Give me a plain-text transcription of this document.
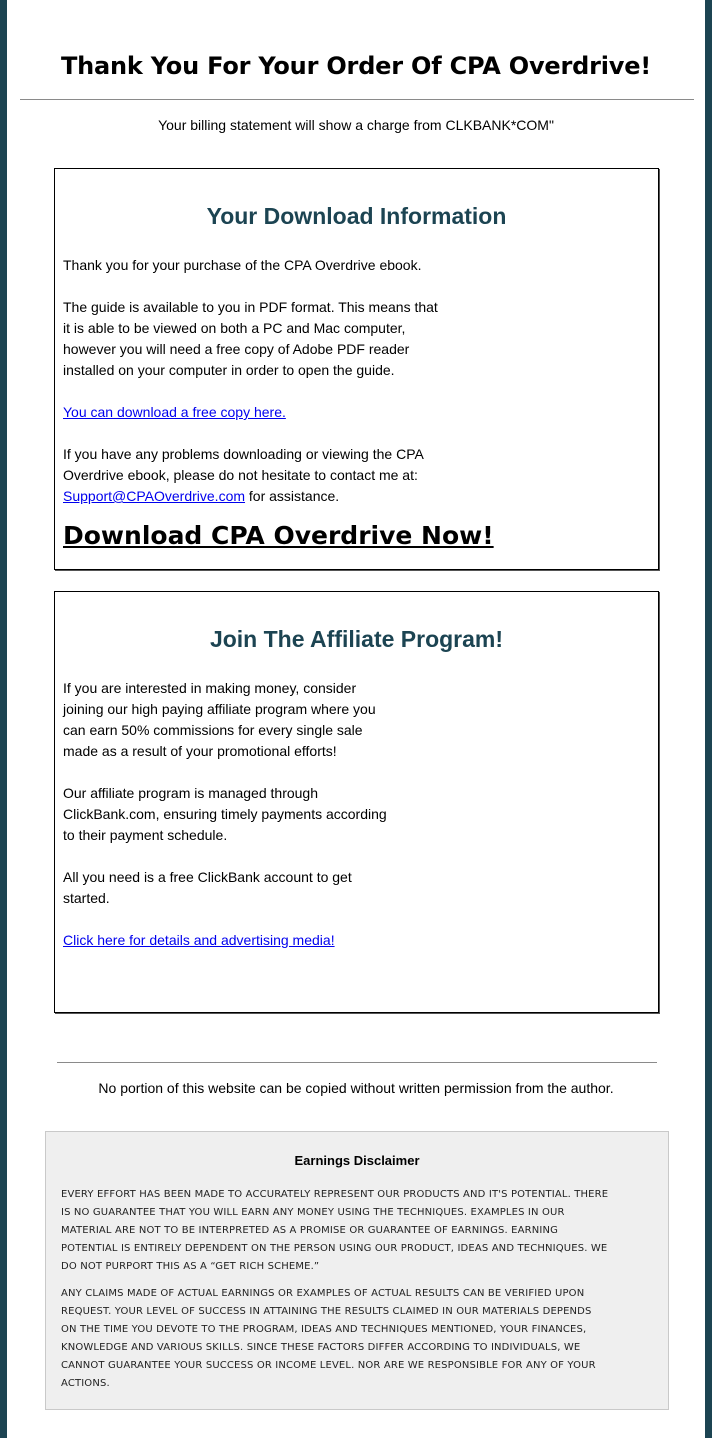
Thank You For Your Order Of CPA Overdrive!
Your billing statement will show a charge from CLKBANK*COM"
Your Download Information

Thank you for your purchase of the CPA Overdrive ebook.

The guide is available to you in PDF format. This means that
it is able to be viewed on both a PC and Mac computer,
however you will need a free copy of Adobe PDF reader
installed on your computer in order to open the guide.

You can download a free copy here.

If you have any problems downloading or viewing the CPA
Overdrive ebook, please do not hesitate to contact me at:
Support@CPAOverdrive.com for assistance.

Download CPA Overdrive Now!
Join The Affiliate Program!

If you are interested in making money, consider
joining our high paying affiliate program where you
can earn 50% commissions for every single sale
made as a result of your promotional efforts!

Our affiliate program is managed through
ClickBank.com, ensuring timely payments according
to their payment schedule.

All you need is a free ClickBank account to get
started.

Click here for details and advertising media!

No portion of this website can be copied without written permission from the author.
Earnings Disclaimer

EVERY EFFORT HAS BEEN MADE TO ACCURATELY REPRESENT OUR PRODUCTS AND IT'S POTENTIAL. THERE
IS NO GUARANTEE THAT YOU WILL EARN ANY MONEY USING THE TECHNIQUES. EXAMPLES IN OUR
MATERIAL ARE NOT TO BE INTERPRETED AS A PROMISE OR GUARANTEE OF EARNINGS. EARNING
POTENTIAL IS ENTIRELY DEPENDENT ON THE PERSON USING OUR PRODUCT, IDEAS AND TECHNIQUES. WE
DO NOT PURPORT THIS AS A “GET RICH SCHEME.”

ANY CLAIMS MADE OF ACTUAL EARNINGS OR EXAMPLES OF ACTUAL RESULTS CAN BE VERIFIED UPON
REQUEST. YOUR LEVEL OF SUCCESS IN ATTAINING THE RESULTS CLAIMED IN OUR MATERIALS DEPENDS
ON THE TIME YOU DEVOTE TO THE PROGRAM, IDEAS AND TECHNIQUES MENTIONED, YOUR FINANCES,
KNOWLEDGE AND VARIOUS SKILLS. SINCE THESE FACTORS DIFFER ACCORDING TO INDIVIDUALS, WE
CANNOT GUARANTEE YOUR SUCCESS OR INCOME LEVEL. NOR ARE WE RESPONSIBLE FOR ANY OF YOUR
ACTIONS.
